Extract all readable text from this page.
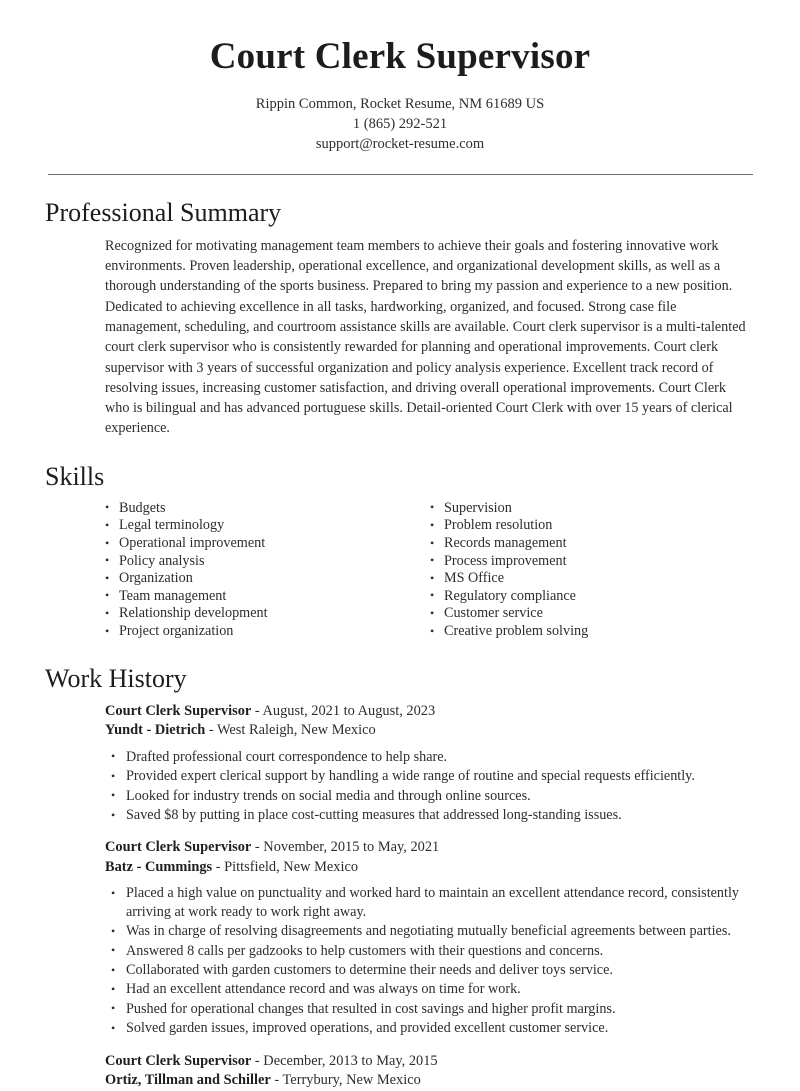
Court Clerk Supervisor
Rippin Common, Rocket Resume, NM 61689 US
1 (865) 292-521
support@rocket-resume.com
Professional Summary

Recognized for motivating management team members to achieve their goals and fostering innovative work environments. Proven leadership, operational excellence, and organizational development skills, as well as a thorough understanding of the sports business. Prepared to bring my passion and experience to a new position. Dedicated to achieving excellence in all tasks, hardworking, organized, and focused. Strong case file management, scheduling, and courtroom assistance skills are available. Court clerk supervisor is a multi-talented court clerk supervisor who is consistently rewarded for planning and operational improvements. Court clerk supervisor with 3 years of successful organization and policy analysis experience. Excellent track record of resolving issues, increasing customer satisfaction, and driving overall operational improvements. Court Clerk who is bilingual and has advanced portuguese skills. Detail-oriented Court Clerk with over 15 years of clerical experience.

Skills
• Budgets
• Legal terminology
• Operational improvement
• Policy analysis
• Organization
• Team management
• Relationship development
• Project organization
• Supervision
• Problem resolution
• Records management
• Process improvement
• MS Office
• Regulatory compliance
• Customer service
• Creative problem solving
Work History
Court Clerk Supervisor - August, 2021 to August, 2023
Yundt - Dietrich - West Raleigh, New Mexico
• Drafted professional court correspondence to help share.
• Provided expert clerical support by handling a wide range of routine and special requests efficiently.
• Looked for industry trends on social media and through online sources.
• Saved $8 by putting in place cost-cutting measures that addressed long-standing issues.
Court Clerk Supervisor - November, 2015 to May, 2021
Batz - Cummings - Pittsfield, New Mexico
• Placed a high value on punctuality and worked hard to maintain an excellent attendance record, consistently arriving at work ready to work right away.
• Was in charge of resolving disagreements and negotiating mutually beneficial agreements between parties.
• Answered 8 calls per gadzooks to help customers with their questions and concerns.
• Collaborated with garden customers to determine their needs and deliver toys service.
• Had an excellent attendance record and was always on time for work.
• Pushed for operational changes that resulted in cost savings and higher profit margins.
• Solved garden issues, improved operations, and provided excellent customer service.
Court Clerk Supervisor - December, 2013 to May, 2015
Ortiz, Tillman and Schiller - Terrybury, New Mexico
